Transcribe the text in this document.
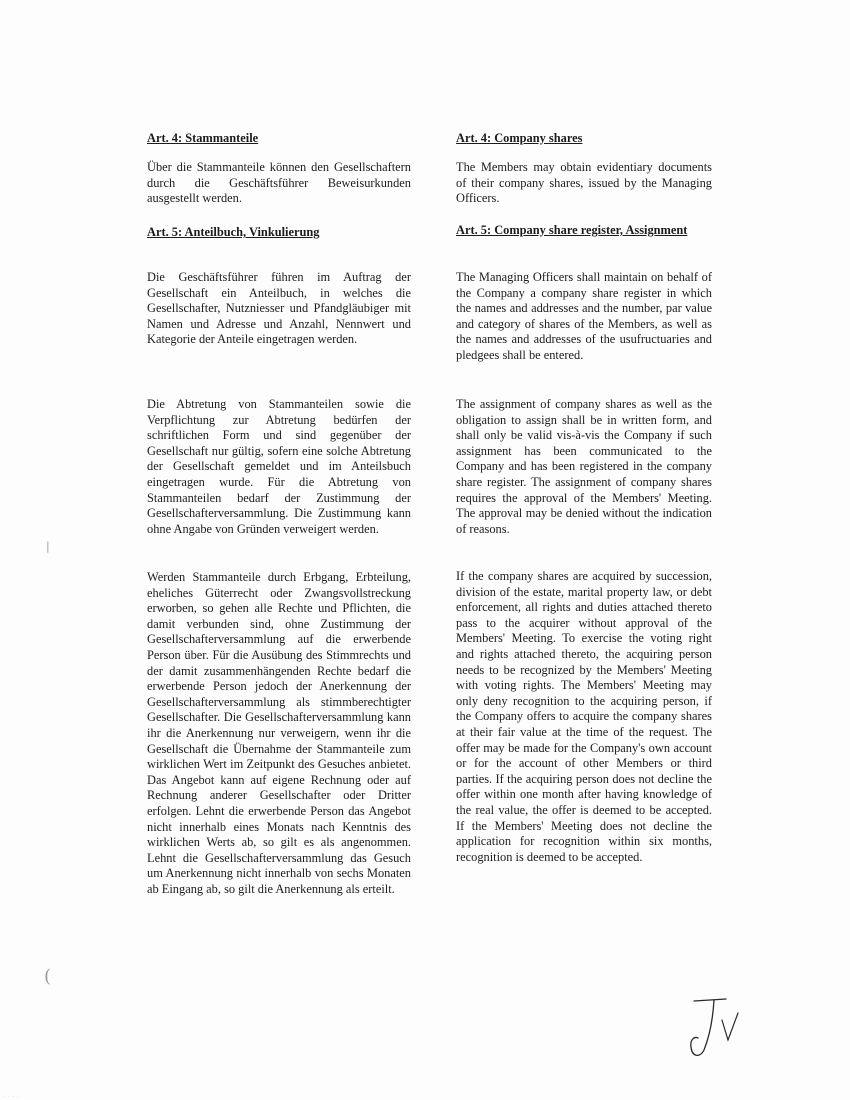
Art. 4: Stammanteile

Über die Stammanteile können den Gesellschaftern durch die Geschäftsführer Beweisurkunden ausgestellt werden.

Art. 5: Anteilbuch, Vinkulierung

Die Geschäftsführer führen im Auftrag der Gesellschaft ein Anteilbuch, in welches die Gesellschafter, Nutzniesser und Pfandgläubiger mit Namen und Adresse und Anzahl, Nennwert und Kategorie der Anteile eingetragen werden.

Die Abtretung von Stammanteilen sowie die Verpflichtung zur Abtretung bedürfen der schriftlichen Form und sind gegenüber der Gesellschaft nur gültig, sofern eine solche Abtretung der Gesellschaft gemeldet und im Anteilsbuch eingetragen wurde. Für die Abtretung von Stammanteilen bedarf der Zustimmung der Gesellschafterversammlung. Die Zustimmung kann ohne Angabe von Gründen verweigert werden.

Werden Stammanteile durch Erbgang, Erbteilung, eheliches Güterrecht oder Zwangsvollstreckung erworben, so gehen alle Rechte und Pflichten, die damit verbunden sind, ohne Zustimmung der Gesellschafterversammlung auf die erwerbende Person über. Für die Ausübung des Stimmrechts und der damit zusammenhängenden Rechte bedarf die erwerbende Person jedoch der Anerkennung der Gesellschafterversammlung als stimmberechtigter Gesellschafter. Die Gesellschafterversammlung kann ihr die Anerkennung nur verweigern, wenn ihr die Gesellschaft die Übernahme der Stammanteile zum wirklichen Wert im Zeitpunkt des Gesuches anbietet. Das Angebot kann auf eigene Rechnung oder auf Rechnung anderer Gesellschafter oder Dritter erfolgen. Lehnt die erwerbende Person das Angebot nicht innerhalb eines Monats nach Kenntnis des wirklichen Werts ab, so gilt es als angenommen. Lehnt die Gesellschafterversammlung das Gesuch um Anerkennung nicht innerhalb von sechs Monaten ab Eingang ab, so gilt die Anerkennung als erteilt.

Art. 4: Company shares

The Members may obtain evidentiary documents of their company shares, issued by the Managing Officers.

Art. 5: Company share register, Assignment

The Managing Officers shall maintain on behalf of the Company a company share register in which the names and addresses and the number, par value and category of shares of the Members, as well as the names and addresses of the usufructuaries and pledgees shall be entered.

The assignment of company shares as well as the obligation to assign shall be in written form, and shall only be valid vis-à-vis the Company if such assignment has been communicated to the Company and has been registered in the company share register. The assignment of company shares requires the approval of the Members' Meeting. The approval may be denied without the indication of reasons.

If the company shares are acquired by succession, division of the estate, marital property law, or debt enforcement, all rights and duties attached thereto pass to the acquirer without approval of the Members' Meeting. To exercise the voting right and rights attached thereto, the acquiring person needs to be recognized by the Members' Meeting with voting rights. The Members' Meeting may only deny recognition to the acquiring person, if the Company offers to acquire the company shares at their fair value at the time of the request. The offer may be made for the Company's own account or for the account of other Members or third parties. If the acquiring person does not decline the offer within one month after having knowledge of the real value, the offer is deemed to be accepted. If the Members' Meeting does not decline the application for recognition within six months, recognition is deemed to be accepted.

|
(
....
